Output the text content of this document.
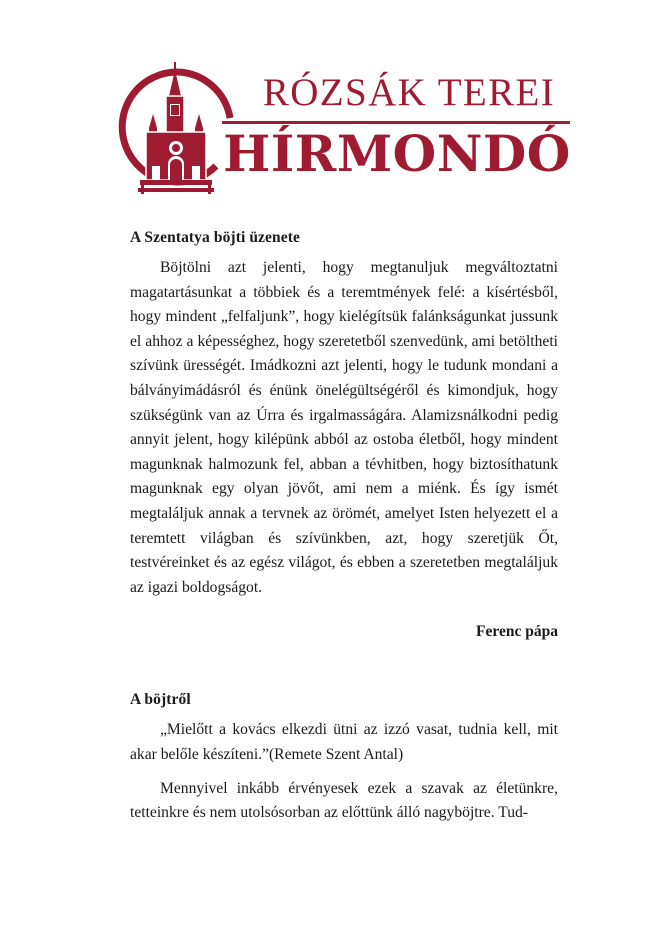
RÓZSÁK TEREI
HÍRMONDÓ
A Szentatya böjti üzenete

Böjtölni azt jelenti, hogy megtanuljuk megváltoztatni magatartásunkat a többiek és a teremtmények felé: a kísértésből, hogy mindent „felfaljunk”, hogy kielégítsük falánkságunkat jussunk el ahhoz a képességhez, hogy szeretetből szenvedünk, ami betöltheti szívünk ürességét. Imádkozni azt jelenti, hogy le tudunk mondani a bálványimádásról és énünk önelégültségéről és kimondjuk, hogy szükségünk van az Úrra és irgalmasságára. Alamizsnálkodni pedig annyit jelent, hogy kilépünk abból az ostoba életből, hogy mindent magunknak halmozunk fel, abban a tévhitben, hogy biztosíthatunk magunknak egy olyan jövőt, ami nem a miénk. És így ismét megtaláljuk annak a tervnek az örömét, amelyet Isten helyezett el a teremtett világban és szívünkben, azt, hogy szeretjük Őt, testvéreinket és az egész világot, és ebben a szeretetben megtaláljuk az igazi boldogságot.

Ferenc pápa
A böjtről

„Mielőtt a kovács elkezdi ütni az izzó vasat, tudnia kell, mit akar belőle készíteni.”(Remete Szent Antal)

Mennyivel inkább érvényesek ezek a szavak az életünkre, tetteinkre és nem utolsósorban az előttünk álló nagyböjtre. Tud-
